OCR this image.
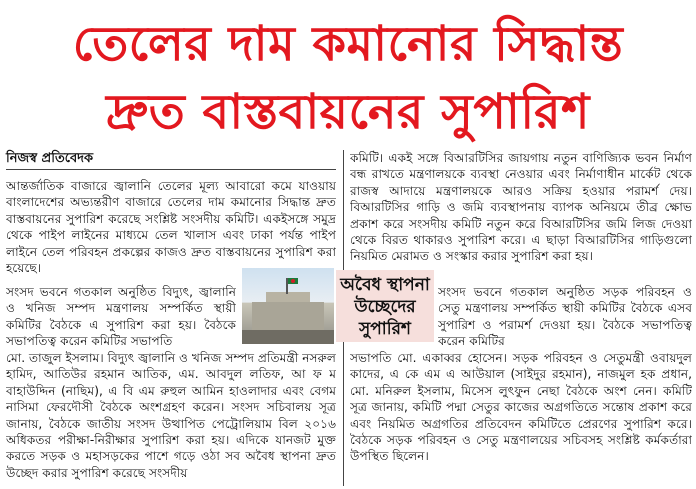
তেলের দাম কমানোর সিদ্ধান্ত
দ্রুত বাস্তবায়নের সুপারিশ
নিজস্ব প্রতিবেদক

আন্তর্জাতিক বাজারে জ্বালানি তেলের মূল্য আবারো কমে যাওয়ায় বাংলাদেশের অভ্যন্তরীণ বাজারে তেলের দাম কমানোর সিদ্ধান্ত দ্রুত বাস্তবায়নের সুপারিশ করেছে সংশ্লিষ্ট সংসদীয় কমিটি। একইসঙ্গে সমুদ্র থেকে পাইপ লাইনের মাধ্যমে তেল খালাস এবং ঢাকা পর্যন্ত পাইপ লাইনে তেল পরিবহন প্রকল্পের কাজও দ্রুত বাস্তবায়নের সুপারিশ করা হয়েছে।

সংসদ ভবনে গতকাল অনুষ্ঠিত বিদ্যুৎ, জ্বালানি ও খনিজ সম্পদ মন্ত্রণালয় সম্পর্কিত স্থায়ী কমিটির বৈঠকে এ সুপারিশ করা হয়। বৈঠকে সভাপতিত্ব করেন কমিটির সভাপতি

অবৈধ স্থাপনা
উচ্ছেদের
সুপারিশ

মো. তাজুল ইসলাম। বিদ্যুৎ জ্বালানি ও খনিজ সম্পদ প্রতিমন্ত্রী নসরুল হামিদ, আতিউর রহমান আতিক, এম. আবদুল লতিফ, আ ফ ম বাহাউদ্দিন (নাছিম), এ বি এম রুহুল আমিন হাওলাদার এবং বেগম নাসিমা ফেরদৌসী বৈঠকে অংশগ্রহণ করেন। সংসদ সচিবালয় সূত্র জানায়, বৈঠকে জাতীয় সংসদ উত্থাপিত পেট্রোলিয়াম বিল ২০১৬ অধিকতর পরীক্ষা-নিরীক্ষার সুপারিশ করা হয়। এদিকে যানজট মুক্ত করতে সড়ক ও মহাসড়কের পাশে গড়ে ওঠা সব অবৈধ স্থাপনা দ্রুত উচ্ছেদ করার সুপারিশ করেছে সংসদীয়

কমিটি। একই সঙ্গে বিআরটিসির জায়গায় নতুন বাণিজ্যিক ভবন নির্মাণ বন্ধ রাখতে মন্ত্রণালয়কে ব্যবস্থা নেওয়ার এবং নির্মাণাধীন মার্কেট থেকে রাজস্ব আদায়ে মন্ত্রণালয়কে আরও সক্রিয় হওয়ার পরামর্শ দেয়। বিআরটিসির গাড়ি ও জমি ব্যবস্থাপনায় ব্যাপক অনিয়মে তীব্র ক্ষোভ প্রকাশ করে সংসদীয় কমিটি নতুন করে বিআরটিসির জমি লিজ দেওয়া থেকে বিরত থাকারও সুপারিশ করে। এ ছাড়া বিআরটিসির গাড়িগুলো নিয়মিত মেরামত ও সংস্কার করার সুপারিশ করা হয়।

সংসদ ভবনে গতকাল অনুষ্ঠিত সড়ক পরিবহন ও সেতু মন্ত্রণালয় সম্পর্কিত স্থায়ী কমিটির বৈঠকে এসব সুপারিশ ও পরামর্শ দেওয়া হয়। বৈঠকে সভাপতিত্ব করেন কমিটির

সভাপতি মো. একাব্বর হোসেন। সড়ক পরিবহন ও সেতুমন্ত্রী ওবায়দুল কাদের, এ কে এম এ আউয়াল (সাইদুর রহমান), নাজমুল হক প্রধান, মো. মনিরুল ইসলাম, মিসেস লুৎফুন নেছা বৈঠকে অংশ নেন। কমিটি সূত্র জানায়, কমিটি পদ্মা সেতুর কাজের অগ্রগতিতে সন্তোষ প্রকাশ করে এবং নিয়মিত অগ্রগতির প্রতিবেদন কমিটিতে প্রেরণের সুপারিশ করে। বৈঠকে সড়ক পরিবহন ও সেতু মন্ত্রণালয়ের সচিবসহ সংশ্লিষ্ট কর্মকর্তারা উপস্থিত ছিলেন।
